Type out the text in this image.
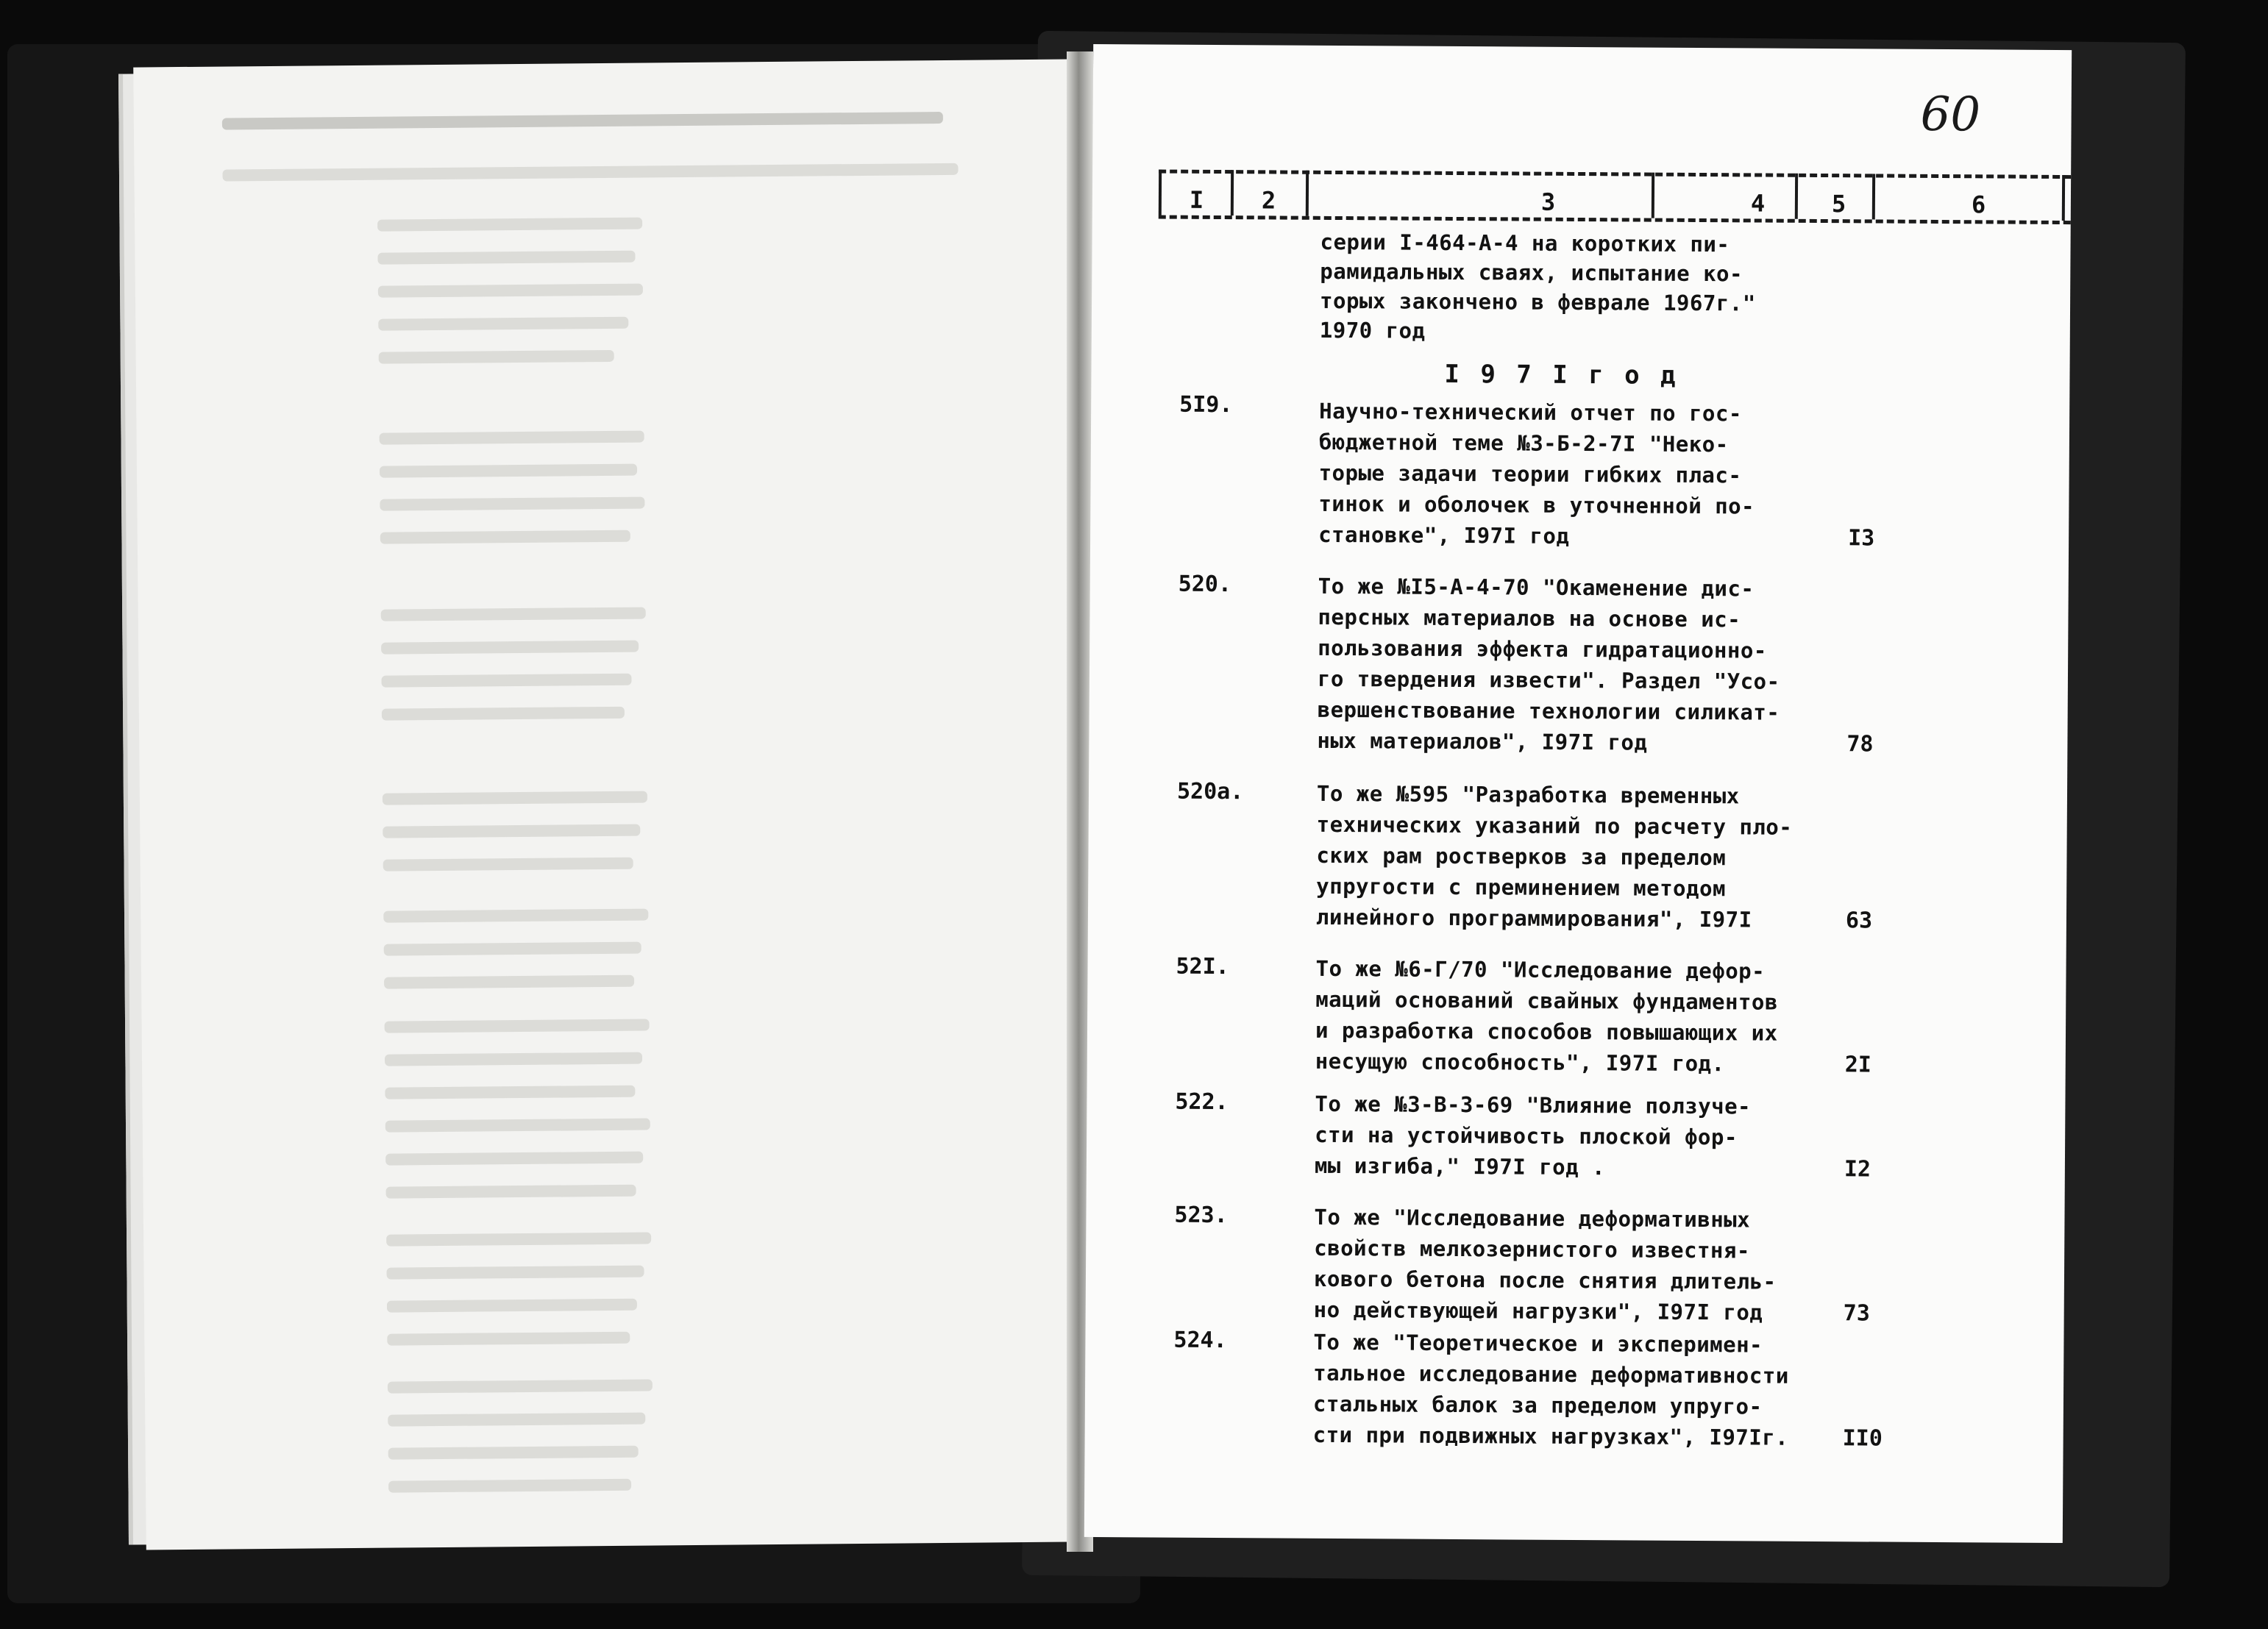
60
I 2	3	4	5	6
серии I-464-А-4 на коротких пи-
рамидальных сваях, испытание ко-
торых закончено в феврале 1967г."
1970 год
I 9 7 I г о д
5I9.	Научно-технический отчет по гос-
бюджетной теме №3-Б-2-7I "Неко-
торые задачи теории гибких плас-
тинок и оболочек в уточненной по-
становке", I97I год	I3
520.	То же №I5-А-4-70 "Окаменение дис-
персных материалов на основе ис-
пользования эффекта гидратационно-
го твердения извести". Раздел "Усо-
вершенствование технологии силикат-
ных материалов", I97I год	78
520а.	То же №595 "Разработка временных
технических указаний по расчету пло-
ских рам ростверков за пределом
упругости с преминением методом
линейного программирования", I97I	63
52I.	То же №6-Г/70 "Исследование дефор-
маций оснований свайных фундаментов
и разработка способов повышающих их
несущую способность", I97I год.	2I
522.	То же №3-В-3-69 "Влияние ползуче-
сти на устойчивость плоской фор-
мы изгиба," I97I год .	I2
523.	То же "Исследование деформативных
свойств мелкозернистого известня-
кового бетона после снятия длитель-
но действующей нагрузки", I97I год	73
524.	То же "Теоретическое и эксперимен-
тальное исследование деформативности
стальных балок за пределом упруго-
сти при подвижных нагрузках", I97Iг. II0
